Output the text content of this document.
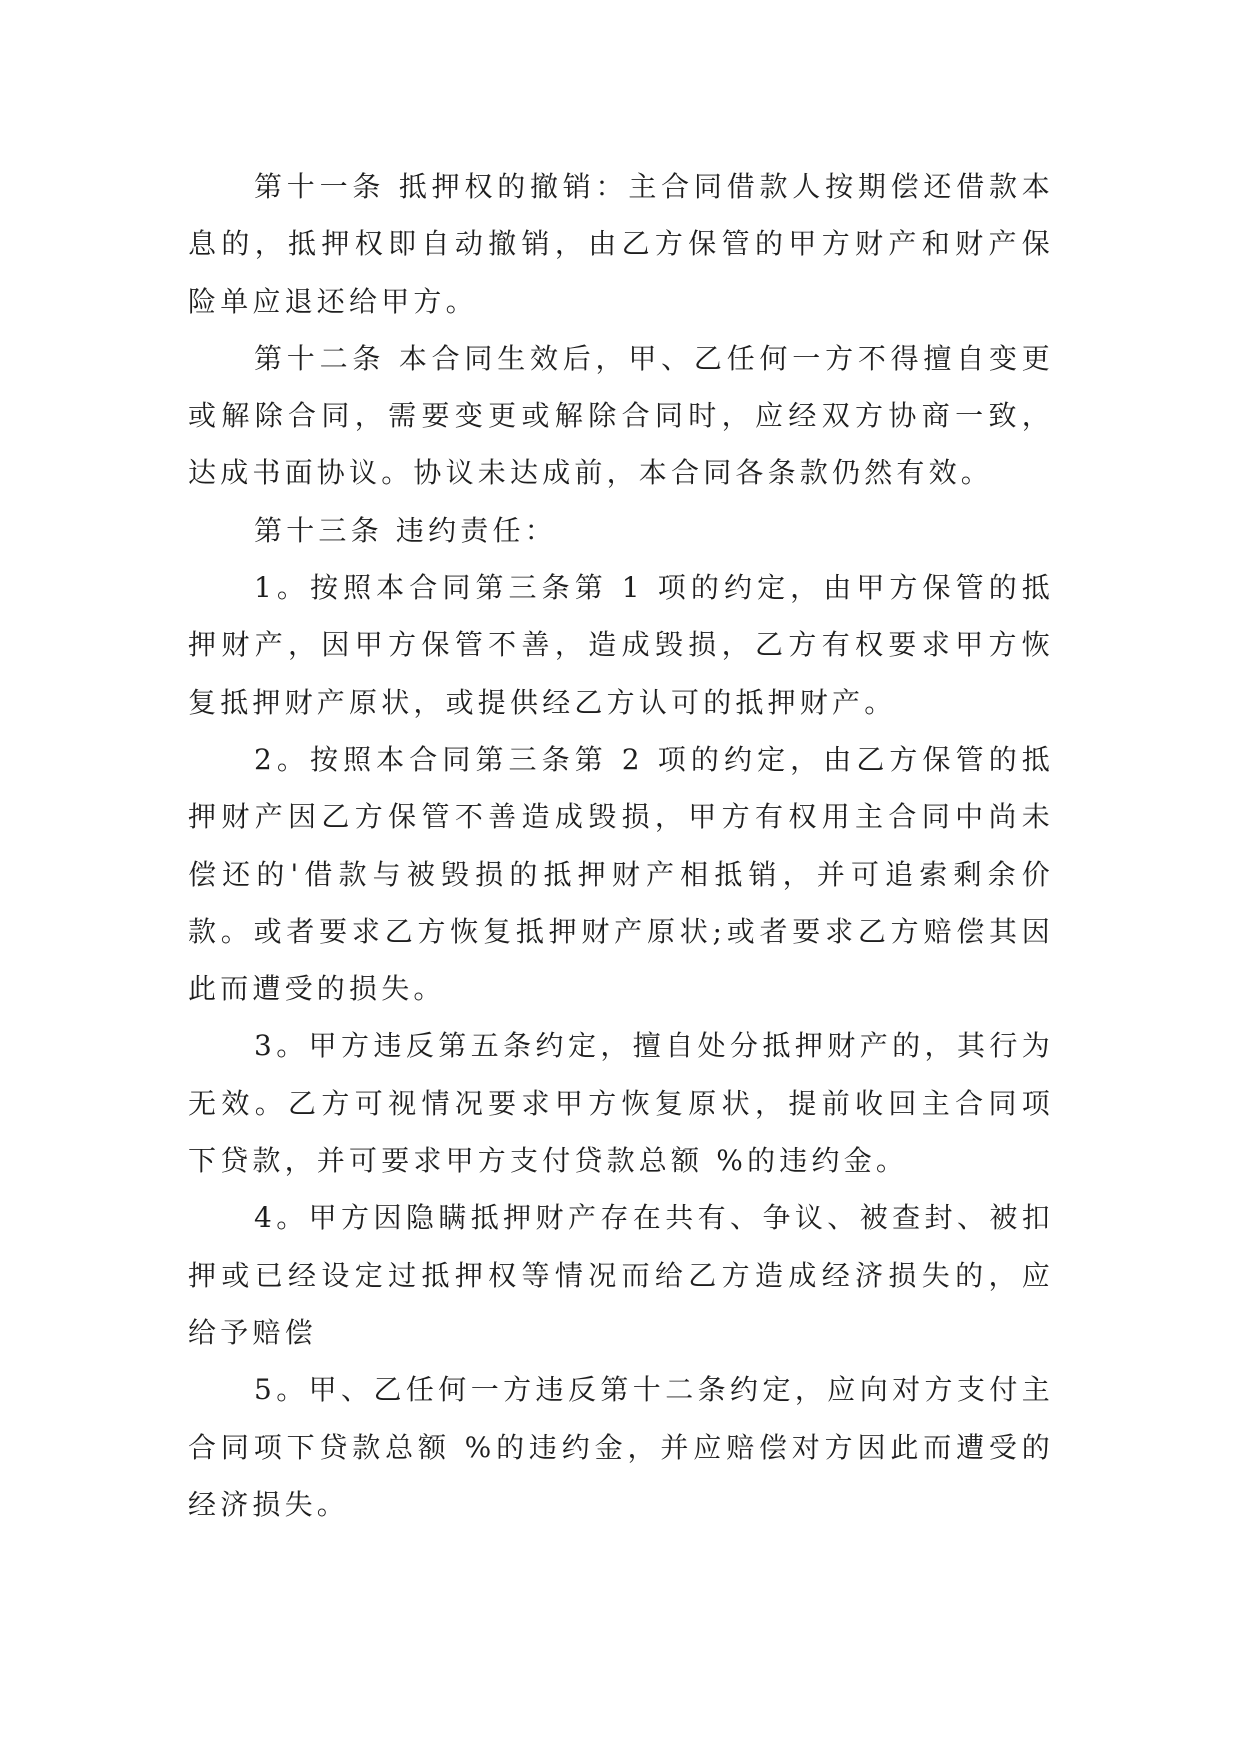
第十一条 抵押权的撤销：主合同借款人按期偿还借款本息的，抵押权即自动撤销，由乙方保管的甲方财产和财产保险单应退还给甲方。

第十二条 本合同生效后，甲、乙任何一方不得擅自变更或解除合同，需要变更或解除合同时，应经双方协商一致，达成书面协议。协议未达成前，本合同各条款仍然有效。

第十三条 违约责任：

1。按照本合同第三条第 1 项的约定，由甲方保管的抵押财产，因甲方保管不善，造成毁损，乙方有权要求甲方恢复抵押财产原状，或提供经乙方认可的抵押财产。

2。按照本合同第三条第 2 项的约定，由乙方保管的抵押财产因乙方保管不善造成毁损，甲方有权用主合同中尚未偿还的'借款与被毁损的抵押财产相抵销，并可追索剩余价款。或者要求乙方恢复抵押财产原状;或者要求乙方赔偿其因此而遭受的损失。

3。甲方违反第五条约定，擅自处分抵押财产的，其行为无效。乙方可视情况要求甲方恢复原状，提前收回主合同项下贷款，并可要求甲方支付贷款总额 %的违约金。

4。甲方因隐瞒抵押财产存在共有、争议、被查封、被扣押或已经设定过抵押权等情况而给乙方造成经济损失的，应给予赔偿

5。甲、乙任何一方违反第十二条约定，应向对方支付主合同项下贷款总额 %的违约金，并应赔偿对方因此而遭受的经济损失。
